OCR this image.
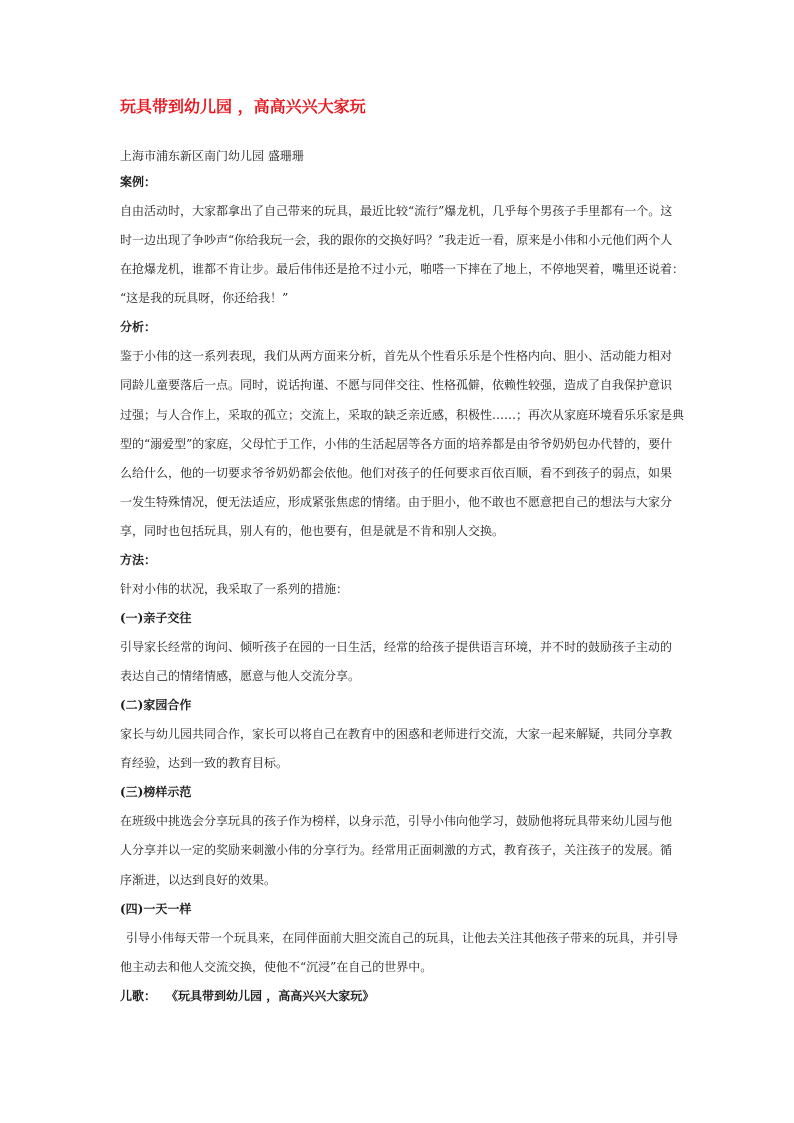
玩具带到幼儿园 ，高高兴兴大家玩
上海市浦东新区南门幼儿园 盛珊珊
案例：
自由活动时，大家都拿出了自己带来的玩具，最近比较“流行”爆龙机，几乎每个男孩子手里都有一个。这
时一边出现了争吵声“你给我玩一会，我的跟你的交换好吗？”我走近一看，原来是小伟和小元他们两个人
在抢爆龙机，谁都不肯让步。最后伟伟还是抢不过小元，啪嗒一下摔在了地上，不停地哭着，嘴里还说着：
“这是我的玩具呀，你还给我！”
分析：
鉴于小伟的这一系列表现，我们从两方面来分析，首先从个性看乐乐是个性格内向、胆小、活动能力相对
同龄儿童要落后一点。同时，说话拘谨、不愿与同伴交往、性格孤僻，依赖性较强，造成了自我保护意识
过强；与人合作上，采取的孤立；交流上，采取的缺乏亲近感，积极性……；再次从家庭环境看乐乐家是典
型的“溺爱型”的家庭，父母忙于工作，小伟的生活起居等各方面的培养都是由爷爷奶奶包办代替的，要什
么给什么，他的一切要求爷爷奶奶都会依他。他们对孩子的任何要求百依百顺，看不到孩子的弱点，如果
一发生特殊情况，便无法适应，形成紧张焦虑的情绪。由于胆小，他不敢也不愿意把自己的想法与大家分
享，同时也包括玩具，别人有的，他也要有，但是就是不肯和别人交换。
方法：
针对小伟的状况，我采取了一系列的措施：
(一)亲子交往
引导家长经常的询问、倾听孩子在园的一日生活，经常的给孩子提供语言环境，并不时的鼓励孩子主动的
表达自己的情绪情感，愿意与他人交流分享。
(二)家园合作
家长与幼儿园共同合作，家长可以将自己在教育中的困惑和老师进行交流，大家一起来解疑，共同分享教
育经验，达到一致的教育目标。
(三)榜样示范
在班级中挑选会分享玩具的孩子作为榜样，以身示范，引导小伟向他学习，鼓励他将玩具带来幼儿园与他
人分享并以一定的奖励来刺激小伟的分享行为。经常用正面刺激的方式，教育孩子，关注孩子的发展。循
序渐进，以达到良好的效果。
(四)一天一样
引导小伟每天带一个玩具来，在同伴面前大胆交流自己的玩具，让他去关注其他孩子带来的玩具，并引导
他主动去和他人交流交换，使他不“沉浸”在自己的世界中。
儿歌： 《玩具带到幼儿园 ，高高兴兴大家玩》
